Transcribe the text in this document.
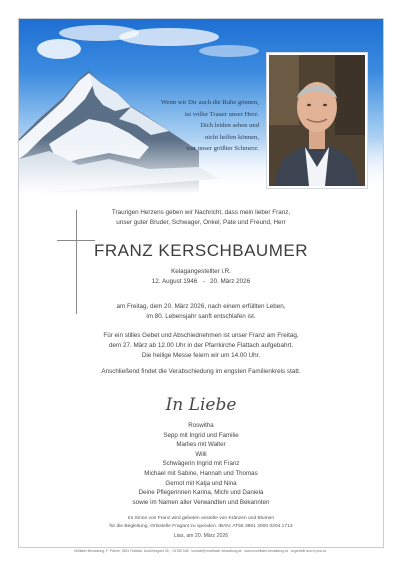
Wenn wir Dir auch die Ruhe gönnen,
ist voller Trauer unser Herz.
Dich leiden sehen und
nicht helfen können,
war unser größter Schmerz.
Traurigen Herzens geben wir Nachricht, dass mein lieber Franz,
unser guter Bruder, Schwager, Onkel, Pate und Freund, Herr
FRANZ KERSCHBAUMER
Kelagangestellter i.R.
12. August 1946 - 20. März 2026
am Freitag, dem 20. März 2026, nach einem erfüllten Leben,
im 80. Lebensjahr sanft entschlafen ist.
Für ein stilles Gebet und Abschiednehmen ist unser Franz am Freitag,
dem 27. März ab 12.00 Uhr in der Pfarrkirche Flattach aufgebahrt.
Die heilige Messe feiern wir um 14.00 Uhr.
Anschließend findet die Verabschiedung im engsten Familienkreis statt.
In Liebe
Roswitha
Sepp mit Ingrid und Familie
Marlies mit Walter
Willi
Schwägerin Ingrid mit Franz
Michael mit Sabine, Hannah und Thomas
Gernot mit Katja und Nina
Deine Pflegerinnen Karina, Michi und Daniela
sowie im Namen aller Verwandten und Bekannten
Im Sinne von Franz wird gebeten anstelle von Kränzen und Blumen
für die Begleitung, Ortsstelle Fragant zu spenden. IBAN: AT55 3961 2000 0204 1713
Lias, am 20. März 2026
Mölltaler Bestattung, F. Pichler, 9831 Flattach, Außerfragant 26, · 04785 548 · kontakt@moelltaler-bestattung.at · www.moelltaler-bestattung.at · zugestellt durch post.at
